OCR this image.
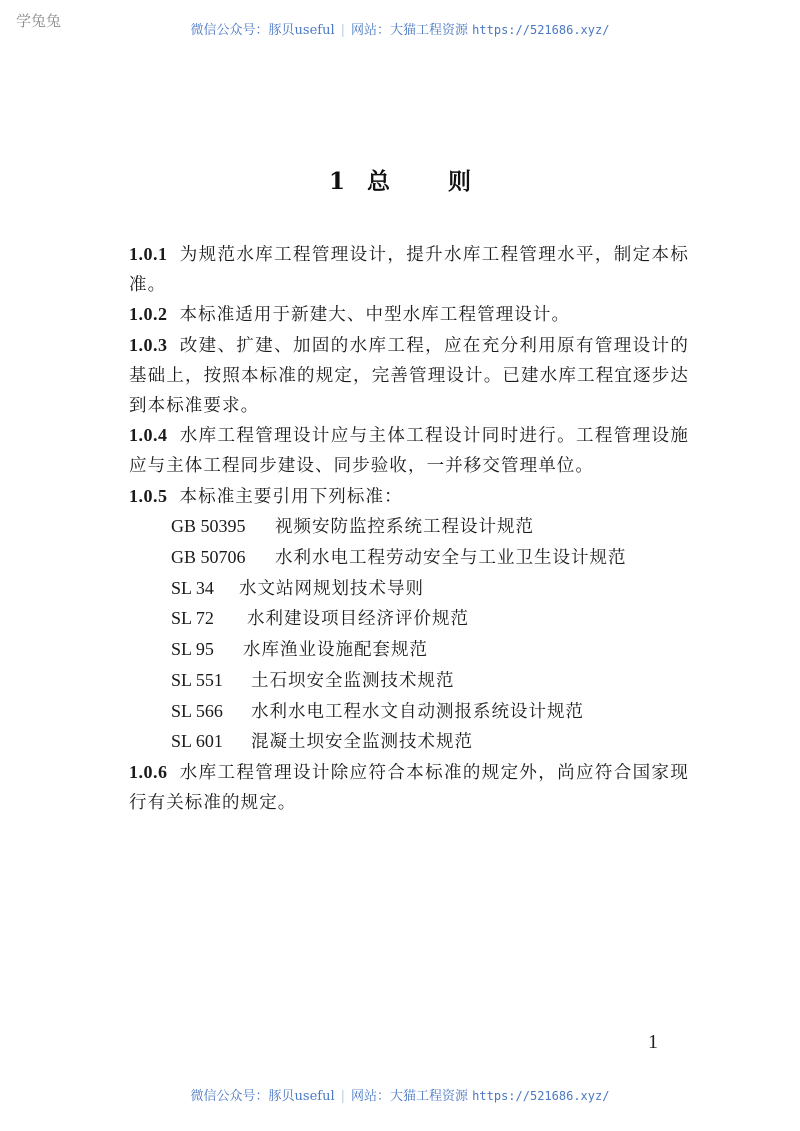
学兔兔
微信公众号：豚贝useful | 网站：大猫工程资源 https://521686.xyz/
1 总	则

1.0.1 为规范水库工程管理设计，提升水库工程管理水平，制定本标准。

1.0.2 本标准适用于新建大、中型水库工程管理设计。

1.0.3 改建、扩建、加固的水库工程，应在充分利用原有管理设计的基础上，按照本标准的规定，完善管理设计。已建水库工程宜逐步达到本标准要求。

1.0.4 水库工程管理设计应与主体工程设计同时进行。工程管理设施应与主体工程同步建设、同步验收，一并移交管理单位。

1.0.5 本标准主要引用下列标准：

GB 50395 视频安防监控系统工程设计规范
GB 50706 水利水电工程劳动安全与工业卫生设计规范
SL 34 水文站网规划技术导则
SL 72 水利建设项目经济评价规范
SL 95 水库渔业设施配套规范
SL 551 土石坝安全监测技术规范
SL 566 水利水电工程水文自动测报系统设计规范
SL 601 混凝土坝安全监测技术规范

1.0.6 水库工程管理设计除应符合本标准的规定外，尚应符合国家现行有关标准的规定。

1
微信公众号：豚贝useful | 网站：大猫工程资源 https://521686.xyz/
